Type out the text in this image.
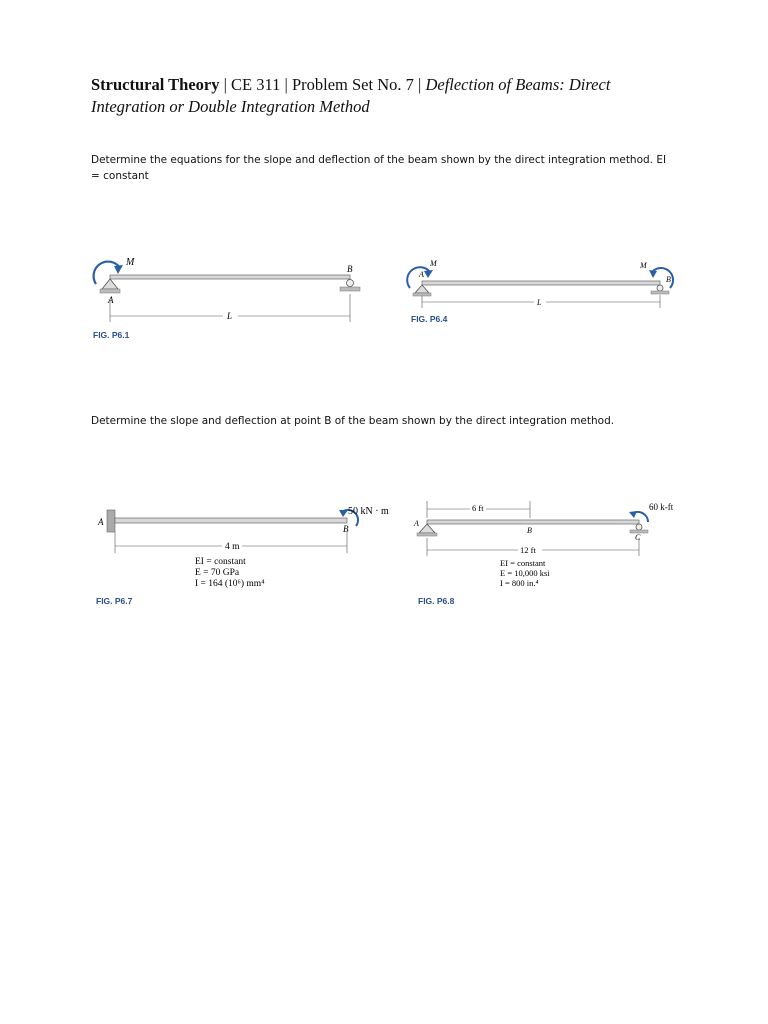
Structural Theory | CE 311 | Problem Set No. 7 | Deflection of Beams: Direct
Integration or Double Integration Method
Determine the equations for the slope and deflection of the beam shown by the direct integration method. EI = constant
M
A
B
L
FIG. P6.1
M
A
M
B
L
FIG. P6.4
Determine the slope and deflection at point B of the beam shown by the direct integration method.
A
B
50 kN · m
4 m
EI = constant
E = 70 GPa
I = 164 (10⁶) mm⁴
FIG. P6.7
6 ft
A
B
C
60 k-ft
12 ft
EI = constant
E = 10,000 ksi
I = 800 in.⁴
FIG. P6.8
